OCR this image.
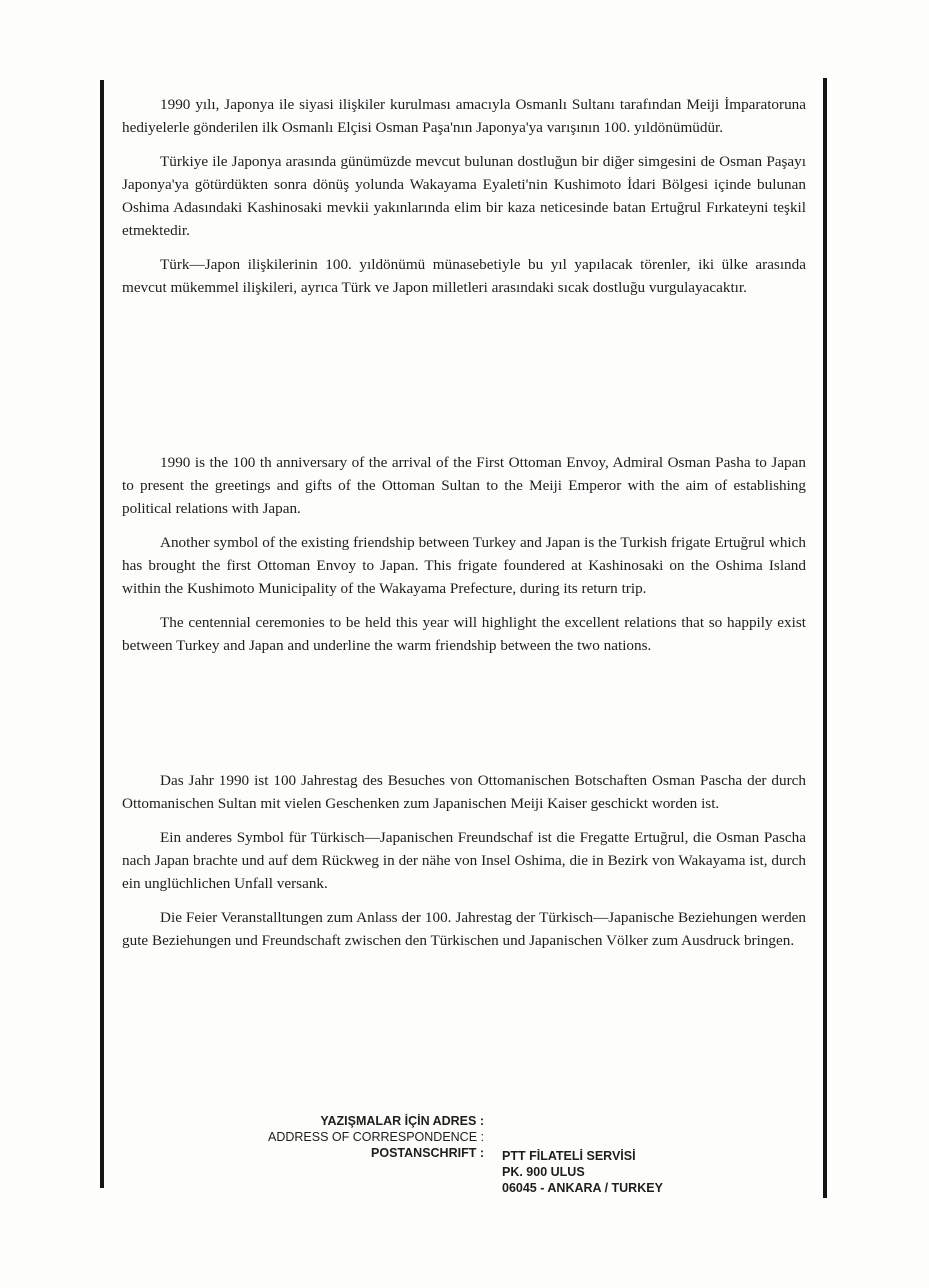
1990 yılı, Japonya ile siyasi ilişkiler kurulması amacıyla Osmanlı Sultanı tarafından Meiji İmparatoruna hediyelerle gönderilen ilk Osmanlı Elçisi Osman Paşa'nın Japonya'ya varışının 100. yıldönümüdür.

Türkiye ile Japonya arasında günümüzde mevcut bulunan dostluğun bir diğer simgesini de Osman Paşayı Japonya'ya götürdükten sonra dönüş yolunda Wakayama Eyaleti'nin Kushimoto İdari Bölgesi içinde bulunan Oshima Adasındaki Kashinosaki mevkii yakınlarında elim bir kaza neticesinde batan Ertuğrul Fırkateyni teşkil etmektedir.

Türk—Japon ilişkilerinin 100. yıldönümü münasebetiyle bu yıl yapılacak törenler, iki ülke arasında mevcut mükemmel ilişkileri, ayrıca Türk ve Japon milletleri arasındaki sıcak dostluğu vurgulayacaktır.

1990 is the 100 th anniversary of the arrival of the First Ottoman Envoy, Admiral Osman Pasha to Japan to present the greetings and gifts of the Ottoman Sultan to the Meiji Emperor with the aim of establishing political relations with Japan.

Another symbol of the existing friendship between Turkey and Japan is the Turkish frigate Ertuğrul which has brought the first Ottoman Envoy to Japan. This frigate foundered at Kashinosaki on the Oshima Island within the Kushimoto Municipality of the Wakayama Prefecture, during its return trip.

The centennial ceremonies to be held this year will highlight the excellent relations that so happily exist between Turkey and Japan and underline the warm friendship between the two nations.

Das Jahr 1990 ist 100 Jahrestag des Besuches von Ottomanischen Botschaften Osman Pascha der durch Ottomanischen Sultan mit vielen Geschenken zum Japanischen Meiji Kaiser geschickt worden ist.

Ein anderes Symbol für Türkisch—Japanischen Freundschaf ist die Fregatte Ertuğrul, die Osman Pascha nach Japan brachte und auf dem Rückweg in der nähe von Insel Oshima, die in Bezirk von Wakayama ist, durch ein unglüchlichen Unfall versank.

Die Feier Veranstalltungen zum Anlass der 100. Jahrestag der Türkisch—Japanische Beziehungen werden gute Beziehungen und Freundschaft zwischen den Türkischen und Japanischen Völker zum Ausdruck bringen.

YAZIŞMALAR İÇİN ADRES :
ADDRESS OF CORRESPONDENCE :
POSTANSCHRIFT : PTT FİLATELİ SERVİSİ
PK. 900 ULUS
06045 - ANKARA / TURKEY
